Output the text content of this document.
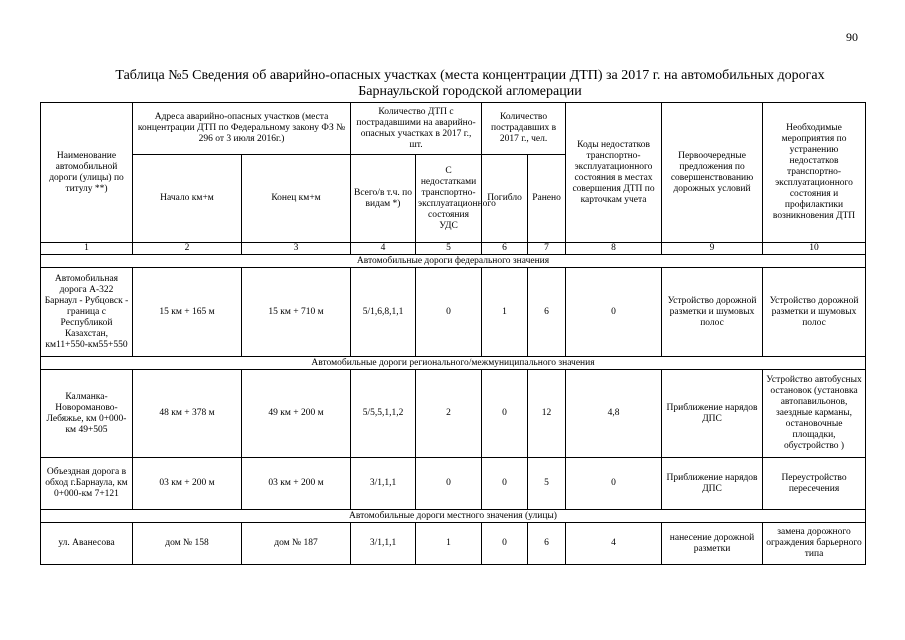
90
Таблица №5 Сведения об аварийно-опасных участках (места концентрации ДТП) за 2017 г. на автомобильных дорогах
Барнаульской городской агломерации
Наименование автомобильной дороги (улицы) по титулу **)	Адреса аварийно-опасных участков (места концентрации ДТП по Федеральному закону ФЗ № 296 от 3 июля 2016г.)		Количество ДТП с пострадавшими на аварийно-опасных участках в 2017 г., шт.		Количество пострадавших в 2017 г., чел.		Коды недостатков транспортно-эксплуатационного состояния в местах совершения ДТП по карточкам учета	Первоочередные предложения по совершенствованию дорожных условий	Необходимые мероприятия по устранению недостатков транспортно-эксплуатационного состояния и профилактики возникновения ДТП
	Начало км+м	Конец км+м	Всего/в т.ч. по видам *)	С недостатками транспортно-эксплуатационного состояния УДС	Погибло	Ранено			
1	2	3	4	5	6	7	8	9	10
Автомобильные дороги федерального значения									
Автомобильная дорога А-322 Барнаул - Рубцовск - граница с Республикой Казахстан, км11+550-км55+550	15 км + 165 м	15 км + 710 м	5/1,6,8,1,1	0	1	6	0	Устройство дорожной разметки и шумовых полос	Устройство дорожной разметки и шумовых полос
Автомобильные дороги регионального/межмуниципального значения									
Калманка-Новороманово-Лебяжье, км 0+000-км 49+505	48 км + 378 м	49 км + 200 м	5/5,5,1,1,2	2	0	12	4,8	Приближение нарядов ДПС	Устройство автобусных остановок (установка автопавильонов, заездные карманы, остановочные площадки, обустройство )
Объездная дорога в обход г.Барнаула, км 0+000-км 7+121	03 км + 200 м	03 км + 200 м	3/1,1,1	0	0	5	0	Приближение нарядов ДПС	Переустройство пересечения
Автомобильные дороги местного значения (улицы)									
ул. Аванесова	дом № 158	дом № 187	3/1,1,1	1	0	6	4	нанесение дорожной разметки	замена дорожного ограждения барьерного типа
